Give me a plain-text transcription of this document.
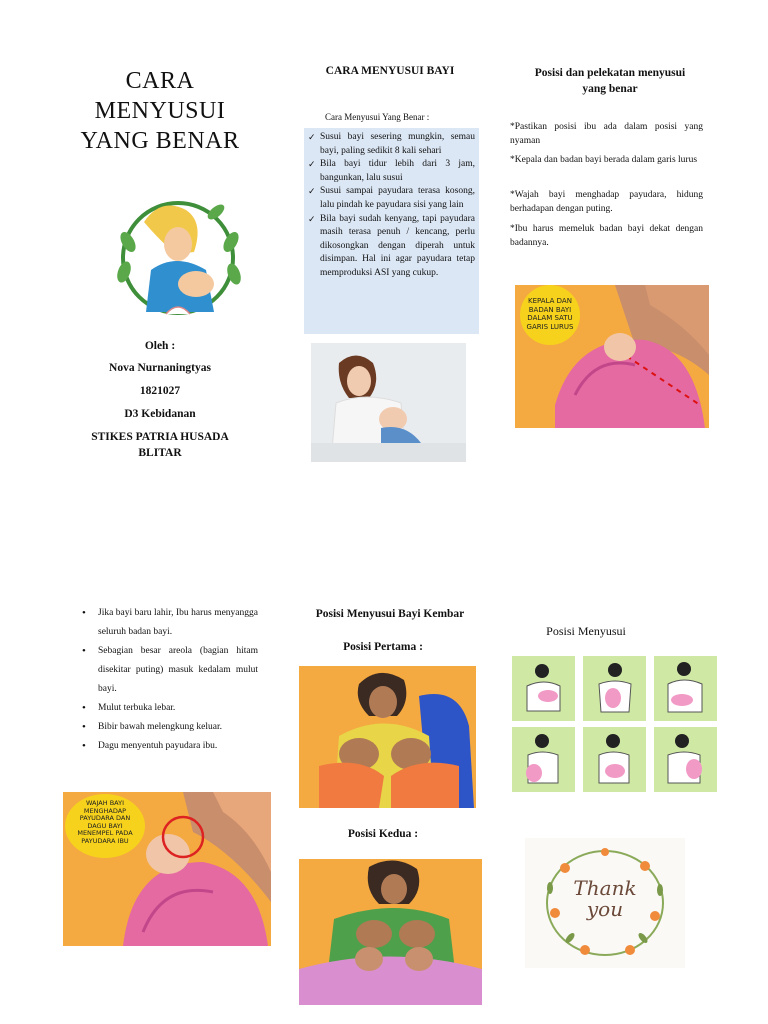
CARA
MENYUSUI
YANG BENAR
Oleh :
Nova Nurnaningtyas
1821027
D3 Kebidanan
STIKES PATRIA HUSADA
BLITAR
CARA MENYUSUI BAYI
Cara Menyusui Yang Benar :
✓ Susui bayi sesering mungkin, semau bayi, paling sedikit 8 kali sehari
✓ Bila bayi tidur lebih dari 3 jam, bangunkan, lalu susui
✓ Susui sampai payudara terasa kosong, lalu pindah ke payudara sisi yang lain
✓ Bila bayi sudah kenyang, tapi payudara masih terasa penuh / kencang, perlu dikosongkan dengan diperah untuk disimpan. Hal ini agar payudara tetap memproduksi ASI yang cukup.
Posisi dan pelekatan menyusui
yang benar
*Pastikan posisi ibu ada dalam posisi yang nyaman
*Kepala dan badan bayi berada dalam garis lurus
*Wajah bayi menghadap payudara, hidung berhadapan dengan puting.
*Ibu harus memeluk badan bayi dekat dengan badannya.
KEPALA DAN BADAN BAYI DALAM SATU GARIS LURUS
• Jika bayi baru lahir, Ibu harus menyangga seluruh badan bayi.
• Sebagian besar areola (bagian hitam disekitar puting) masuk kedalam mulut bayi.
• Mulut terbuka lebar.
• Bibir bawah melengkung keluar.
• Dagu menyentuh payudara ibu.
WAJAH BAYI MENGHADAP PAYUDARA DAN DAGU BAYI MENEMPEL PADA PAYUDARA IBU
Posisi Menyusui Bayi Kembar
Posisi Pertama :
Posisi Kedua :
Posisi Menyusui
Thank
you
